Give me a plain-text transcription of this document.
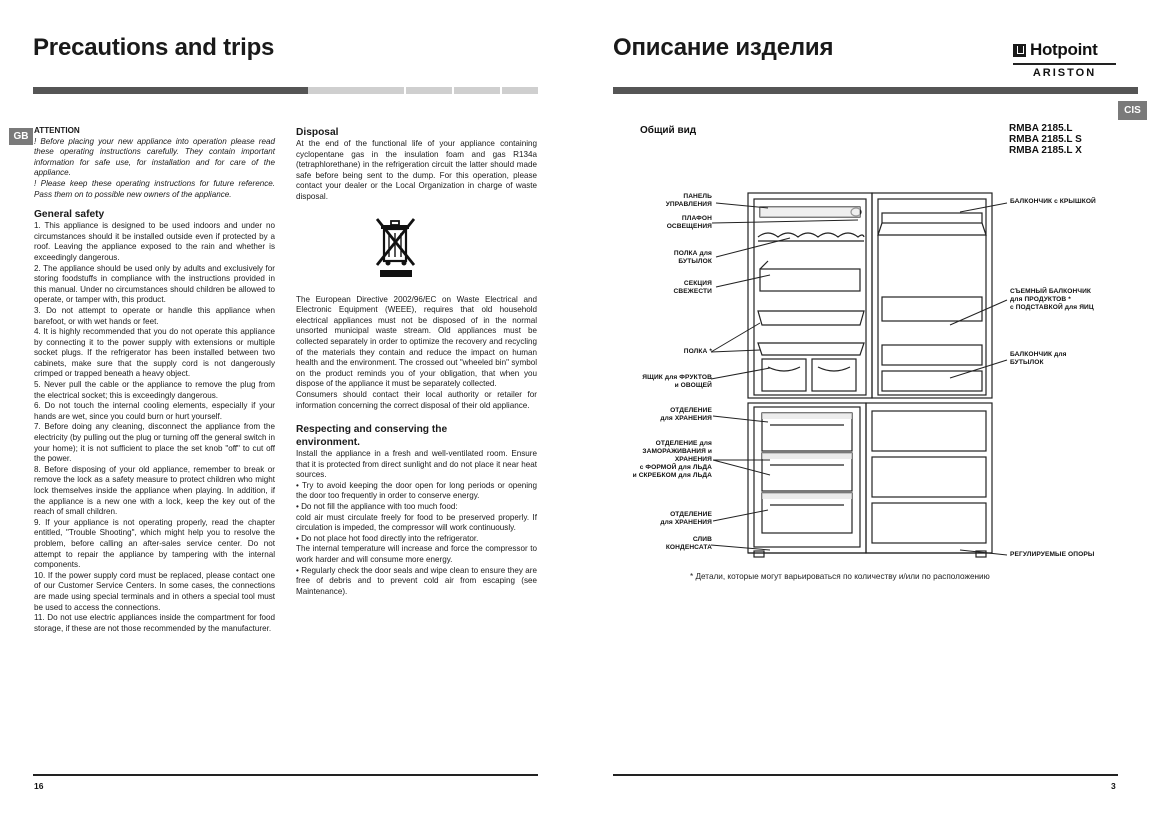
Precautions and trips
GB

ATTENTION

! Before placing your new appliance into operation please read these operating instructions carefully. They contain important information for safe use, for installation and for care of the appliance.

! Please keep these operating instructions for future reference. Pass them on to possible new owners of the appliance.

General safety

1. This appliance is designed to be used indoors and under no circumstances should it be installed outside even if protected by a roof. Leaving the appliance exposed to the rain and whether is exceedingly dangerous.

2. The appliance should be used only by adults and exclusively for storing foodstuffs in compliance with the instructions provided in this manual. Under no circumstances should children be allowed to operate, or tamper with, this product.

3. Do not attempt to operate or handle this appliance when barefoot, or with wet hands or feet.

4. It is highly recommended that you do not operate this appliance by connecting it to the power supply with extensions or multiple socket plugs. If the refrigerator has been installed between two cabinets, make sure that the supply cord is not dangerously crimped or trapped beneath a heavy object.

5. Never pull the cable or the appliance to remove the plug from the electrical socket; this is exceedingly dangerous.

6. Do not touch the internal cooling elements, especially if your hands are wet, since you could burn or hurt yourself.

7. Before doing any cleaning, disconnect the appliance from the electricity (by pulling out the plug or turning off the general switch in your home); it is not sufficient to place the set knob "off" to cut off the power.

8. Before disposing of your old appliance, remember to break or remove the lock as a safety measure to protect children who might lock themselves inside the appliance when playing. In addition, if the appliance is a new one with a lock, keep the key out of the reach of small children.

9. If your appliance is not operating properly, read the chapter entitled, "Trouble Shooting", which might help you to resolve the problem, before calling an after-sales service center. Do not attempt to repair the appliance by tampering with the internal components.

10. If the power supply cord must be replaced, please contact one of our Customer Service Centers. In some cases, the connections are made using special terminals and in others a special tool must be used to access the connections.

11. Do not use electric appliances inside the compartment for food storage, if these are not those recommended by the manufacturer.

Disposal

At the end of the functional life of your appliance containing cyclopentane gas in the insulation foam and gas R134a (tetraphlorethane) in the refrigeration circuit the latter should made safe before being sent to the dump. For this operation, please contact your dealer or the Local Organization in charge of waste disposal.

The European Directive 2002/96/EC on Waste Electrical and Electronic Equipment (WEEE), requires that old household electrical appliances must not be disposed of in the normal unsorted municipal waste stream. Old appliances must be collected separately in order to optimize the recovery and recycling of the materials they contain and reduce the impact on human health and the environment. The crossed out "wheeled bin" symbol on the product reminds you of your obligation, that when you dispose of the appliance it must be separately collected.

Consumers should contact their local authority or retailer for information concerning the correct disposal of their old appliance.

Respecting and conserving the environment.

Install the appliance in a fresh and well-ventilated room. Ensure that it is protected from direct sunlight and do not place it near heat sources.

• Try to avoid keeping the door open for long periods or opening the door too frequently in order to conserve energy.

• Do not fill the appliance with too much food:

cold air must circulate freely for food to be preserved properly. If circulation is impeded, the compressor will work continuously.

• Do not place hot food directly into the refrigerator.

The internal temperature will increase and force the compressor to work harder and will consume more energy.

• Regularly check the door seals and wipe clean to ensure they are free of debris and to prevent cold air from escaping (see Maintenance).

16
Описание изделия	Hotpoint
ARISTON
CIS
Общий вид	RMBA 2185.L
RMBA 2185.L S
RMBA 2185.L X
ПАНЕЛЬ
УПРАВЛЕНИЯ
ПЛАФОН
ОСВЕЩЕНИЯ
ПОЛКА для
БУТЫЛОК
СЕКЦИЯ
СВЕЖЕСТИ
ПОЛКА *
ЯЩИК для ФРУКТОВ
и ОВОЩЕЙ
ОТДЕЛЕНИЕ
для ХРАНЕНИЯ
ОТДЕЛЕНИЕ для
ЗАМОРАЖИВАНИЯ и
ХРАНЕНИЯ
с ФОРМОЙ для ЛЬДА
и СКРЕБКОМ для ЛЬДА
ОТДЕЛЕНИЕ
для ХРАНЕНИЯ
СЛИВ
КОНДЕНСАТА
БАЛКОНЧИК с КРЫШКОЙ
СЪЕМНЫЙ БАЛКОНЧИК
для ПРОДУКТОВ *
с ПОДСТАВКОЙ для ЯИЦ
БАЛКОНЧИК для
БУТЫЛОК
РЕГУЛИРУЕМЫЕ ОПОРЫ
* Детали, которые могут варьироваться по количеству и/или по расположению
3
